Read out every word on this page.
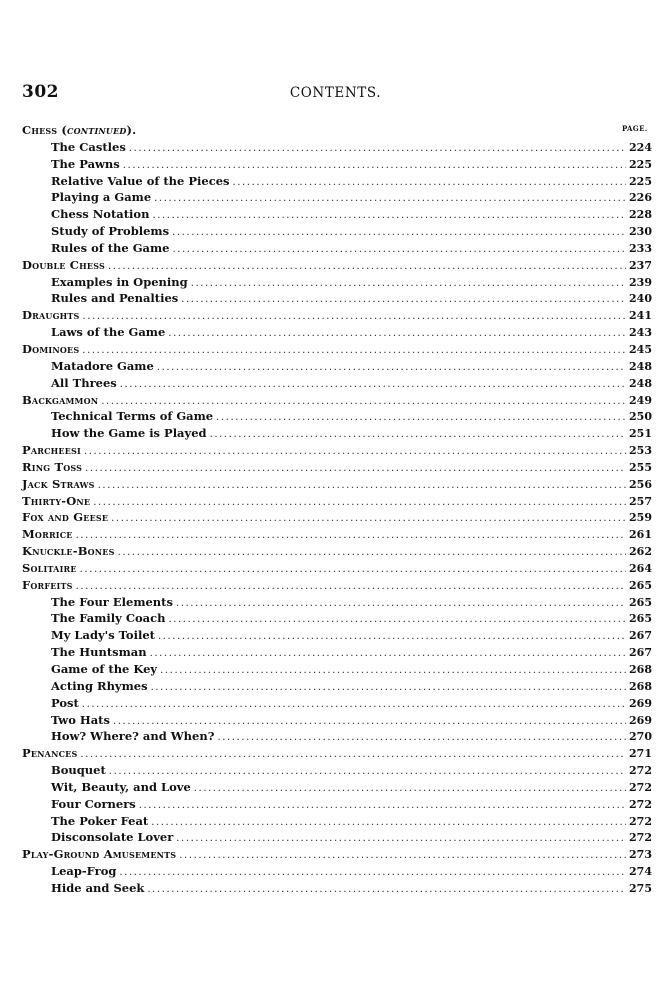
302	CONTENTS.
PAGE.
Chess (continued).
The Castles .....	224
The Pawns .....	225
Relative Value of the Pieces .....	225
Playing a Game .....	226
Chess Notation .....	228
Study of Problems .....	230
Rules of the Game .....	233
Double Chess .....	237
Examples in Opening .....	239
Rules and Penalties .....	240
Draughts .....	241
Laws of the Game .....	243
Dominoes .....	245
Matadore Game .....	248
All Threes .....	248
Backgammon .....	249
Technical Terms of Game .....	250
How the Game is Played .....	251
Parcheesi .....	253
Ring Toss .....	255
Jack Straws .....	256
Thirty-One .....	257
Fox and Geese .....	259
Morrice .....	261
Knuckle-Bones .....	262
Solitaire .....	264
Forfeits .....	265
The Four Elements .....	265
The Family Coach .....	265
My Lady's Toilet .....	267
The Huntsman .....	267
Game of the Key .....	268
Acting Rhymes .....	268
Post .....	269
Two Hats .....	269
How? Where? and When? .....	270
Penances .....	271
Bouquet .....	272
Wit, Beauty, and Love .....	272
Four Corners .....	272
The Poker Feat .....	272
Disconsolate Lover .....	272
Play-Ground Amusements .....	273
Leap-Frog .....	274
Hide and Seek .....	275
